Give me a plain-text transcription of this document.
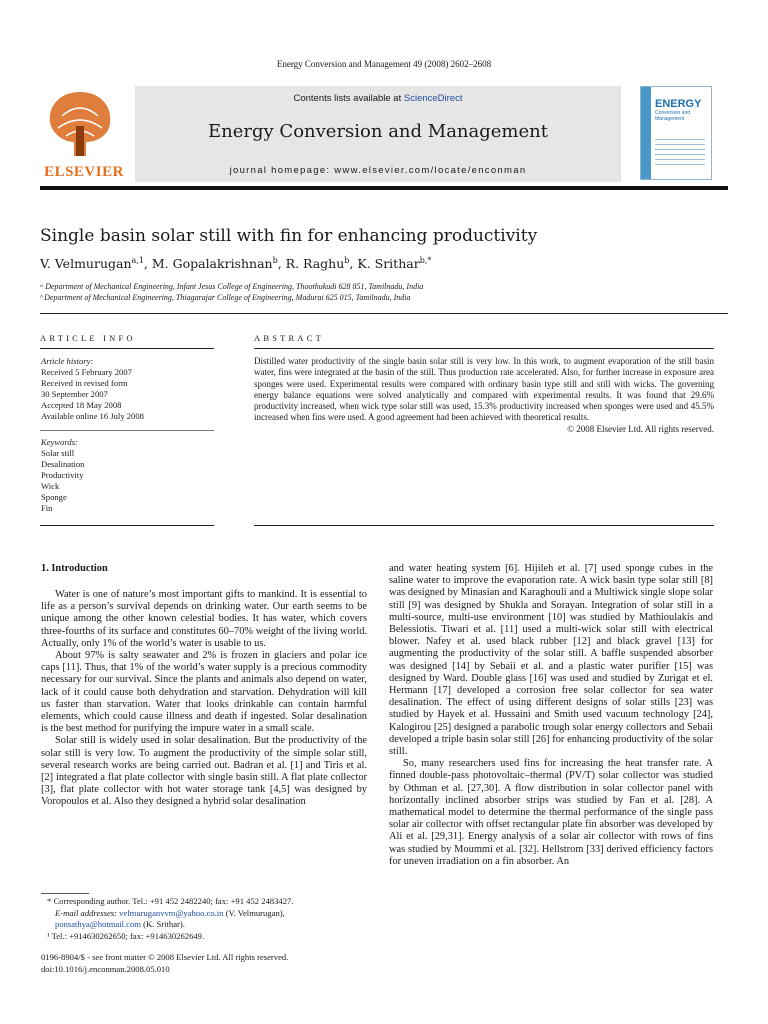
Energy Conversion and Management 49 (2008) 2602–2608
ELSEVIER
Contents lists available at ScienceDirect
Energy Conversion and Management
journal homepage: www.elsevier.com/locate/enconman
ENERGY
Conversion and Management
Single basin solar still with fin for enhancing productivity
V. Velmurugan$^{a,1}$, M. Gopalakrishnan$^b$, R. Raghu$^b$, K. Srithar$^{b,*}$
ᵃ Department of Mechanical Engineering, Infant Jesus College of Engineering, Thoothukudi 628 851, Tamilnadu, India
ᵇ Department of Mechanical Engineering, Thiagarajar College of Engineering, Madurai 625 015, Tamilnadu, India
ARTICLE INFO
Article history:
Received 5 February 2007
Received in revised form
30 September 2007
Accepted 18 May 2008
Available online 16 July 2008
Keywords:
Solar still
Desalination
Productivity
Wick
Sponge
Fin
ABSTRACT
Distilled water productivity of the single basin solar still is very low. In this work, to augment evaporation of the still basin water, fins were integrated at the basin of the still. Thus production rate accelerated. Also, for further increase in exposure area sponges were used. Experimental results were compared with ordinary basin type still and still with wicks. The governing energy balance equations were solved analytically and compared with experimental results. It was found that 29.6% productivity increased, when wick type solar still was used, 15.3% productivity increased when sponges were used and 45.5% increased when fins were used. A good agreement had been achieved with theoretical results.
© 2008 Elsevier Ltd. All rights reserved.
1. Introduction

Water is one of nature’s most important gifts to mankind. It is essential to life as a person’s survival depends on drinking water. Our earth seems to be unique among the other known celestial bodies. It has water, which covers three-fourths of its surface and constitutes 60–70% weight of the living world. Actually, only 1% of the world’s water is usable to us.

About 97% is salty seawater and 2% is frozen in glaciers and polar ice caps [11]. Thus, that 1% of the world’s water supply is a precious commodity necessary for our survival. Since the plants and animals also depend on water, lack of it could cause both dehydration and starvation. Dehydration will kill us faster than starvation. Water that looks drinkable can contain harmful elements, which could cause illness and death if ingested. Solar desalination is the best method for purifying the impure water in a small scale.

Solar still is widely used in solar desalination. But the productivity of the solar still is very low. To augment the productivity of the simple solar still, several research works are being carried out. Badran et al. [1] and Tiris et al. [2] integrated a flat plate collector with single basin still. A flat plate collector [3], flat plate collector with hot water storage tank [4,5] was designed by Voropoulos et al. Also they designed a hybrid solar desalination

and water heating system [6]. Hijileh et al. [7] used sponge cubes in the saline water to improve the evaporation rate. A wick basin type solar still [8] was designed by Minasian and Karaghouli and a Multiwick single slope solar still [9] was designed by Shukla and Sorayan. Integration of solar still in a multi-source, multi-use environment [10] was studied by Mathioulakis and Belessiotis. Tiwari et al. [11] used a multi-wick solar still with electrical blower. Nafey et al. used black rubber [12] and black gravel [13] for augmenting the productivity of the solar still. A baffle suspended absorber was designed [14] by Sebaii et al. and a plastic water purifier [15] was designed by Ward. Double glass [16] was used and studied by Zurigat et el. Hermann [17] developed a corrosion free solar collector for sea water desalination. The effect of using different designs of solar stills [23] was studied by Hayek et al. Hussaini and Smith used vacuum technology [24], Kalogirou [25] designed a parabolic trough solar energy collectors and Sebaii developed a triple basin solar still [26] for enhancing productivity of the solar still.

So, many researchers used fins for increasing the heat transfer rate. A finned double-pass photovoltaic–thermal (PV/T) solar collector was studied by Othman et al. [27,30]. A flow distribution in solar collector panel with horizontally inclined absorber strips was studied by Fan et al. [28]. A mathematical model to determine the thermal performance of the single pass solar air collector with offset rectangular plate fin absorber was developed by Ali et al. [29,31]. Energy analysis of a solar air collector with rows of fins was studied by Moummi et al. [32]. Hellstrom [33] derived efficiency factors for uneven irradiation on a fin absorber. An

* Corresponding author. Tel.: +91 452 2482240; fax: +91 452 2483427.
E-mail addresses: velmuruganvvm@yahoo.co.in (V. Velmurugan), ponsathya@hotmail.com (K. Srithar).
¹ Tel.: +914630262650; fax: +914630262649.
0196-8904/$ - see front matter © 2008 Elsevier Ltd. All rights reserved.
doi:10.1016/j.enconman.2008.05.010
